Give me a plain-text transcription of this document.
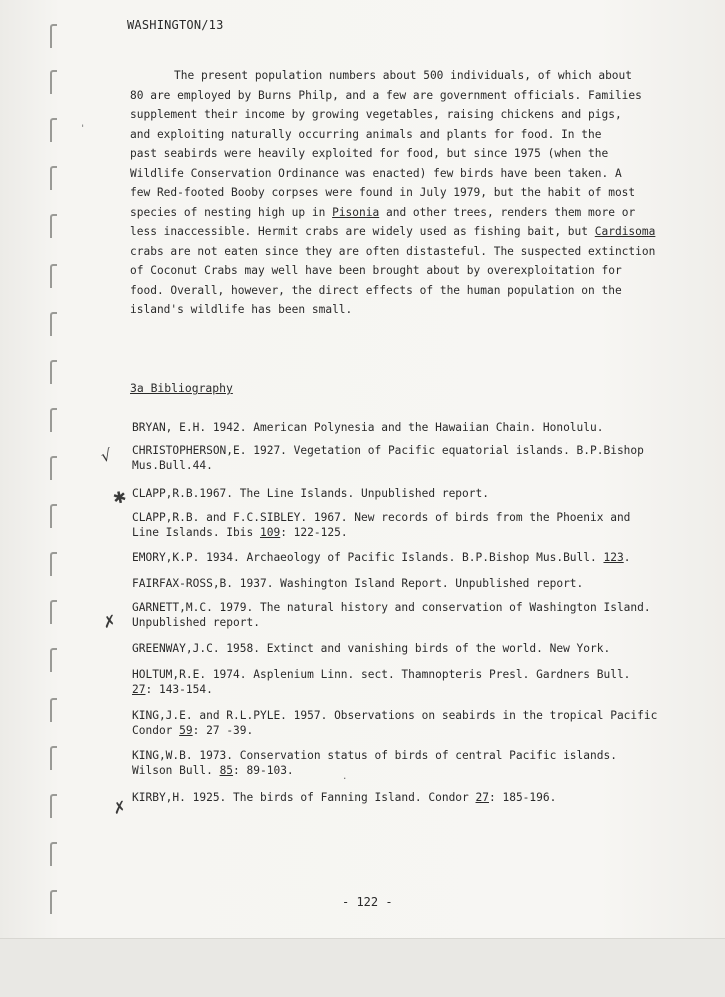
WASHINGTON/13
The present population numbers about 500 individuals, of which about
80 are employed by Burns Philp, and a few are government officials. Families
supplement their income by growing vegetables, raising chickens and pigs,
and exploiting naturally occurring animals and plants for food. In the
past seabirds were heavily exploited for food, but since 1975 (when the
Wildlife Conservation Ordinance was enacted) few birds have been taken. A
few Red-footed Booby corpses were found in July 1979, but the habit of most
species of nesting high up in Pisonia and other trees, renders them more or
less inaccessible. Hermit crabs are widely used as fishing bait, but Cardisoma
crabs are not eaten since they are often distasteful. The suspected extinction
of Coconut Crabs may well have been brought about by overexploitation for
food. Overall, however, the direct effects of the human population on the
island's wildlife has been small.
3a Bibliography
BRYAN, E.H. 1942. American Polynesia and the Hawaiian Chain. Honolulu.
CHRISTOPHERSON,E. 1927. Vegetation of Pacific equatorial islands. B.P.Bishop
Mus.Bull.44.
√
CLAPP,R.B.1967. The Line Islands. Unpublished report.
✱
CLAPP,R.B. and F.C.SIBLEY. 1967. New records of birds from the Phoenix and
Line Islands. Ibis 109: 122-125.
EMORY,K.P. 1934. Archaeology of Pacific Islands. B.P.Bishop Mus.Bull. 123.
FAIRFAX-ROSS,B. 1937. Washington Island Report. Unpublished report.
GARNETT,M.C. 1979. The natural history and conservation of Washington Island.
Unpublished report.
✗
GREENWAY,J.C. 1958. Extinct and vanishing birds of the world. New York.
HOLTUM,R.E. 1974. Asplenium Linn. sect. Thamnopteris Presl. Gardners Bull.
27: 143-154.
KING,J.E. and R.L.PYLE. 1957. Observations on seabirds in the tropical Pacific
Condor 59: 27 -39.
KING,W.B. 1973. Conservation status of birds of central Pacific islands.
Wilson Bull. 85: 89-103.
KIRBY,H. 1925. The birds of Fanning Island. Condor 27: 185-196.
✗
'
.
- 122 -
